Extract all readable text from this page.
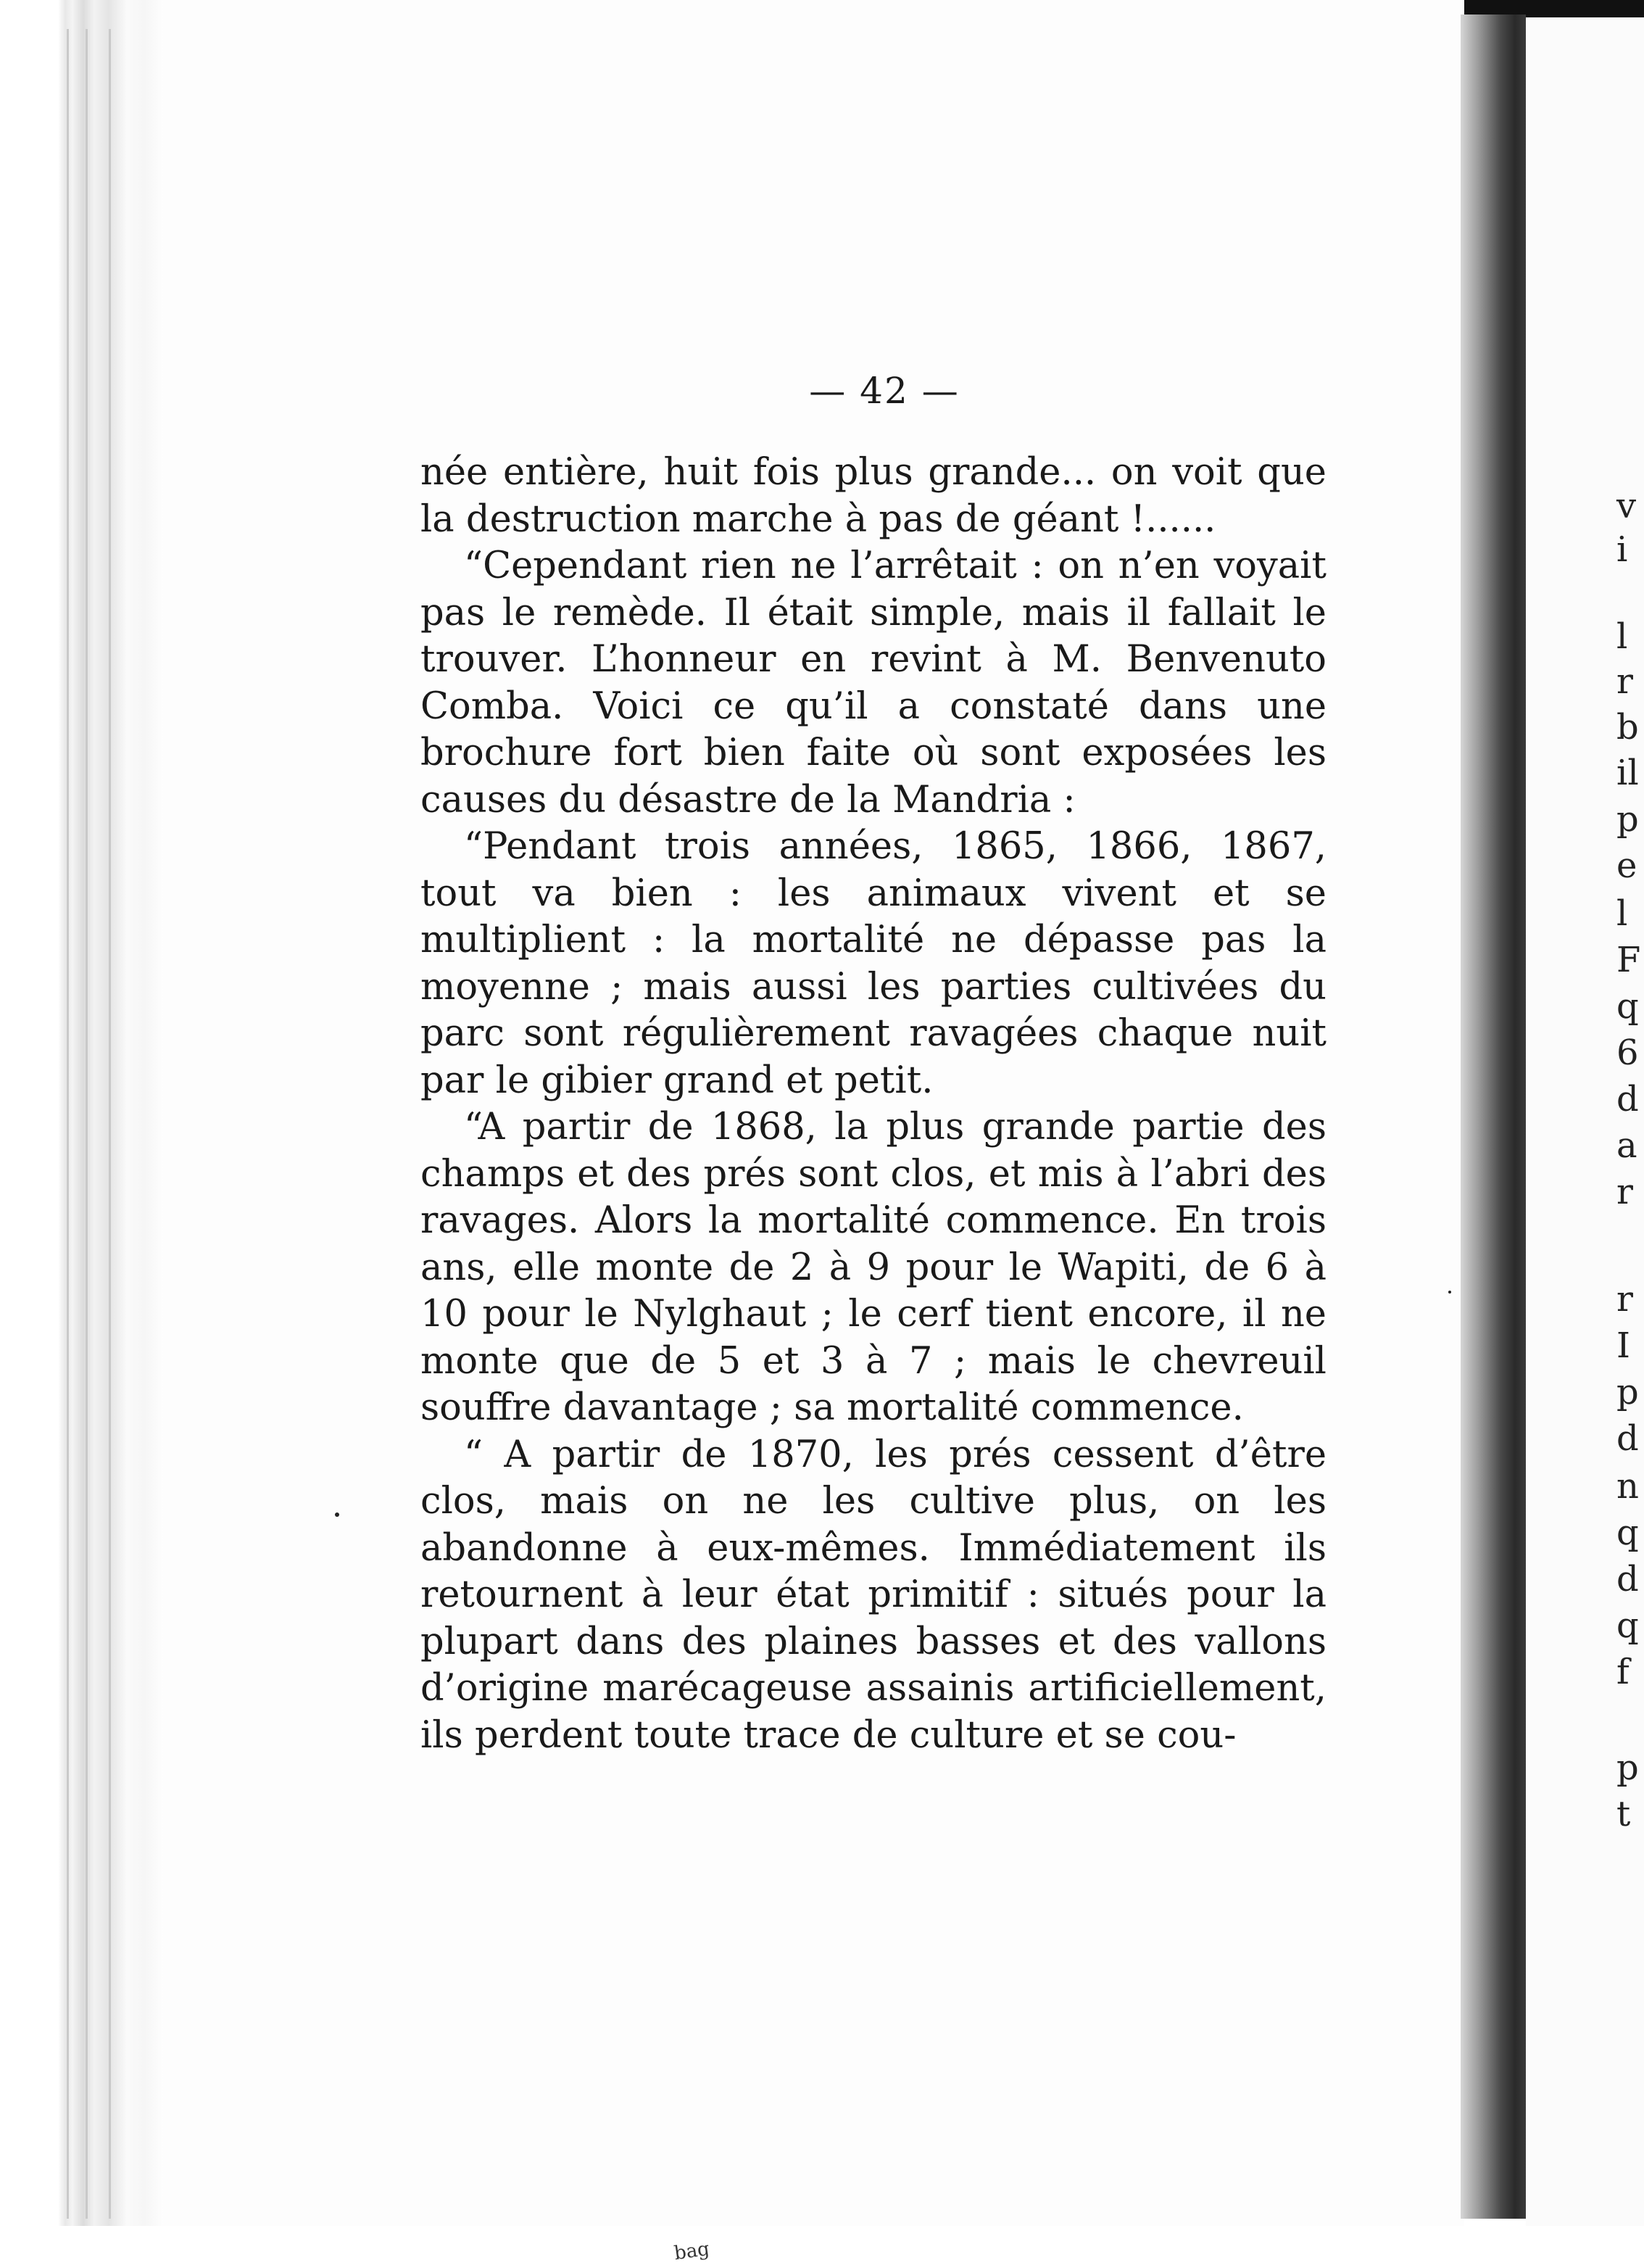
v
i
l
r
b
il
p
e
l
F
q
6
d
a
r
r
I
p
d
n
q
d
q
f
p
t
— 42 —

née entière, huit fois plus grande... on voit que la destruction marche à pas de géant !......

“Cependant rien ne l’arrêtait : on n’en voyait pas le remède. Il était simple, mais il fallait le trouver. L’honneur en revint à M. Benvenuto Comba. Voici ce qu’il a constaté dans une brochure fort bien faite où sont exposées les causes du désastre de la Mandria :

“Pendant trois années, 1865, 1866, 1867, tout va bien : les animaux vivent et se multiplient : la mortalité ne dépasse pas la moyenne ; mais aussi les parties cultivées du parc sont régulièrement ravagées chaque nuit par le gibier grand et petit.

“A partir de 1868, la plus grande partie des champs et des prés sont clos, et mis à l’abri des ravages. Alors la mortalité commence. En trois ans, elle monte de 2 à 9 pour le Wapiti, de 6 à 10 pour le Nylghaut ; le cerf tient encore, il ne monte que de 5 et 3 à 7 ; mais le chevreuil souffre davantage ; sa mortalité commence.

“ A partir de 1870, les prés cessent d’être clos, mais on ne les cultive plus, on les abandonne à eux-mêmes. Immédiatement ils retournent à leur état primitif : situés pour la plupart dans des plaines basses et des vallons d’origine marécageuse assainis artificiellement, ils perdent toute trace de culture et se cou-

bag
